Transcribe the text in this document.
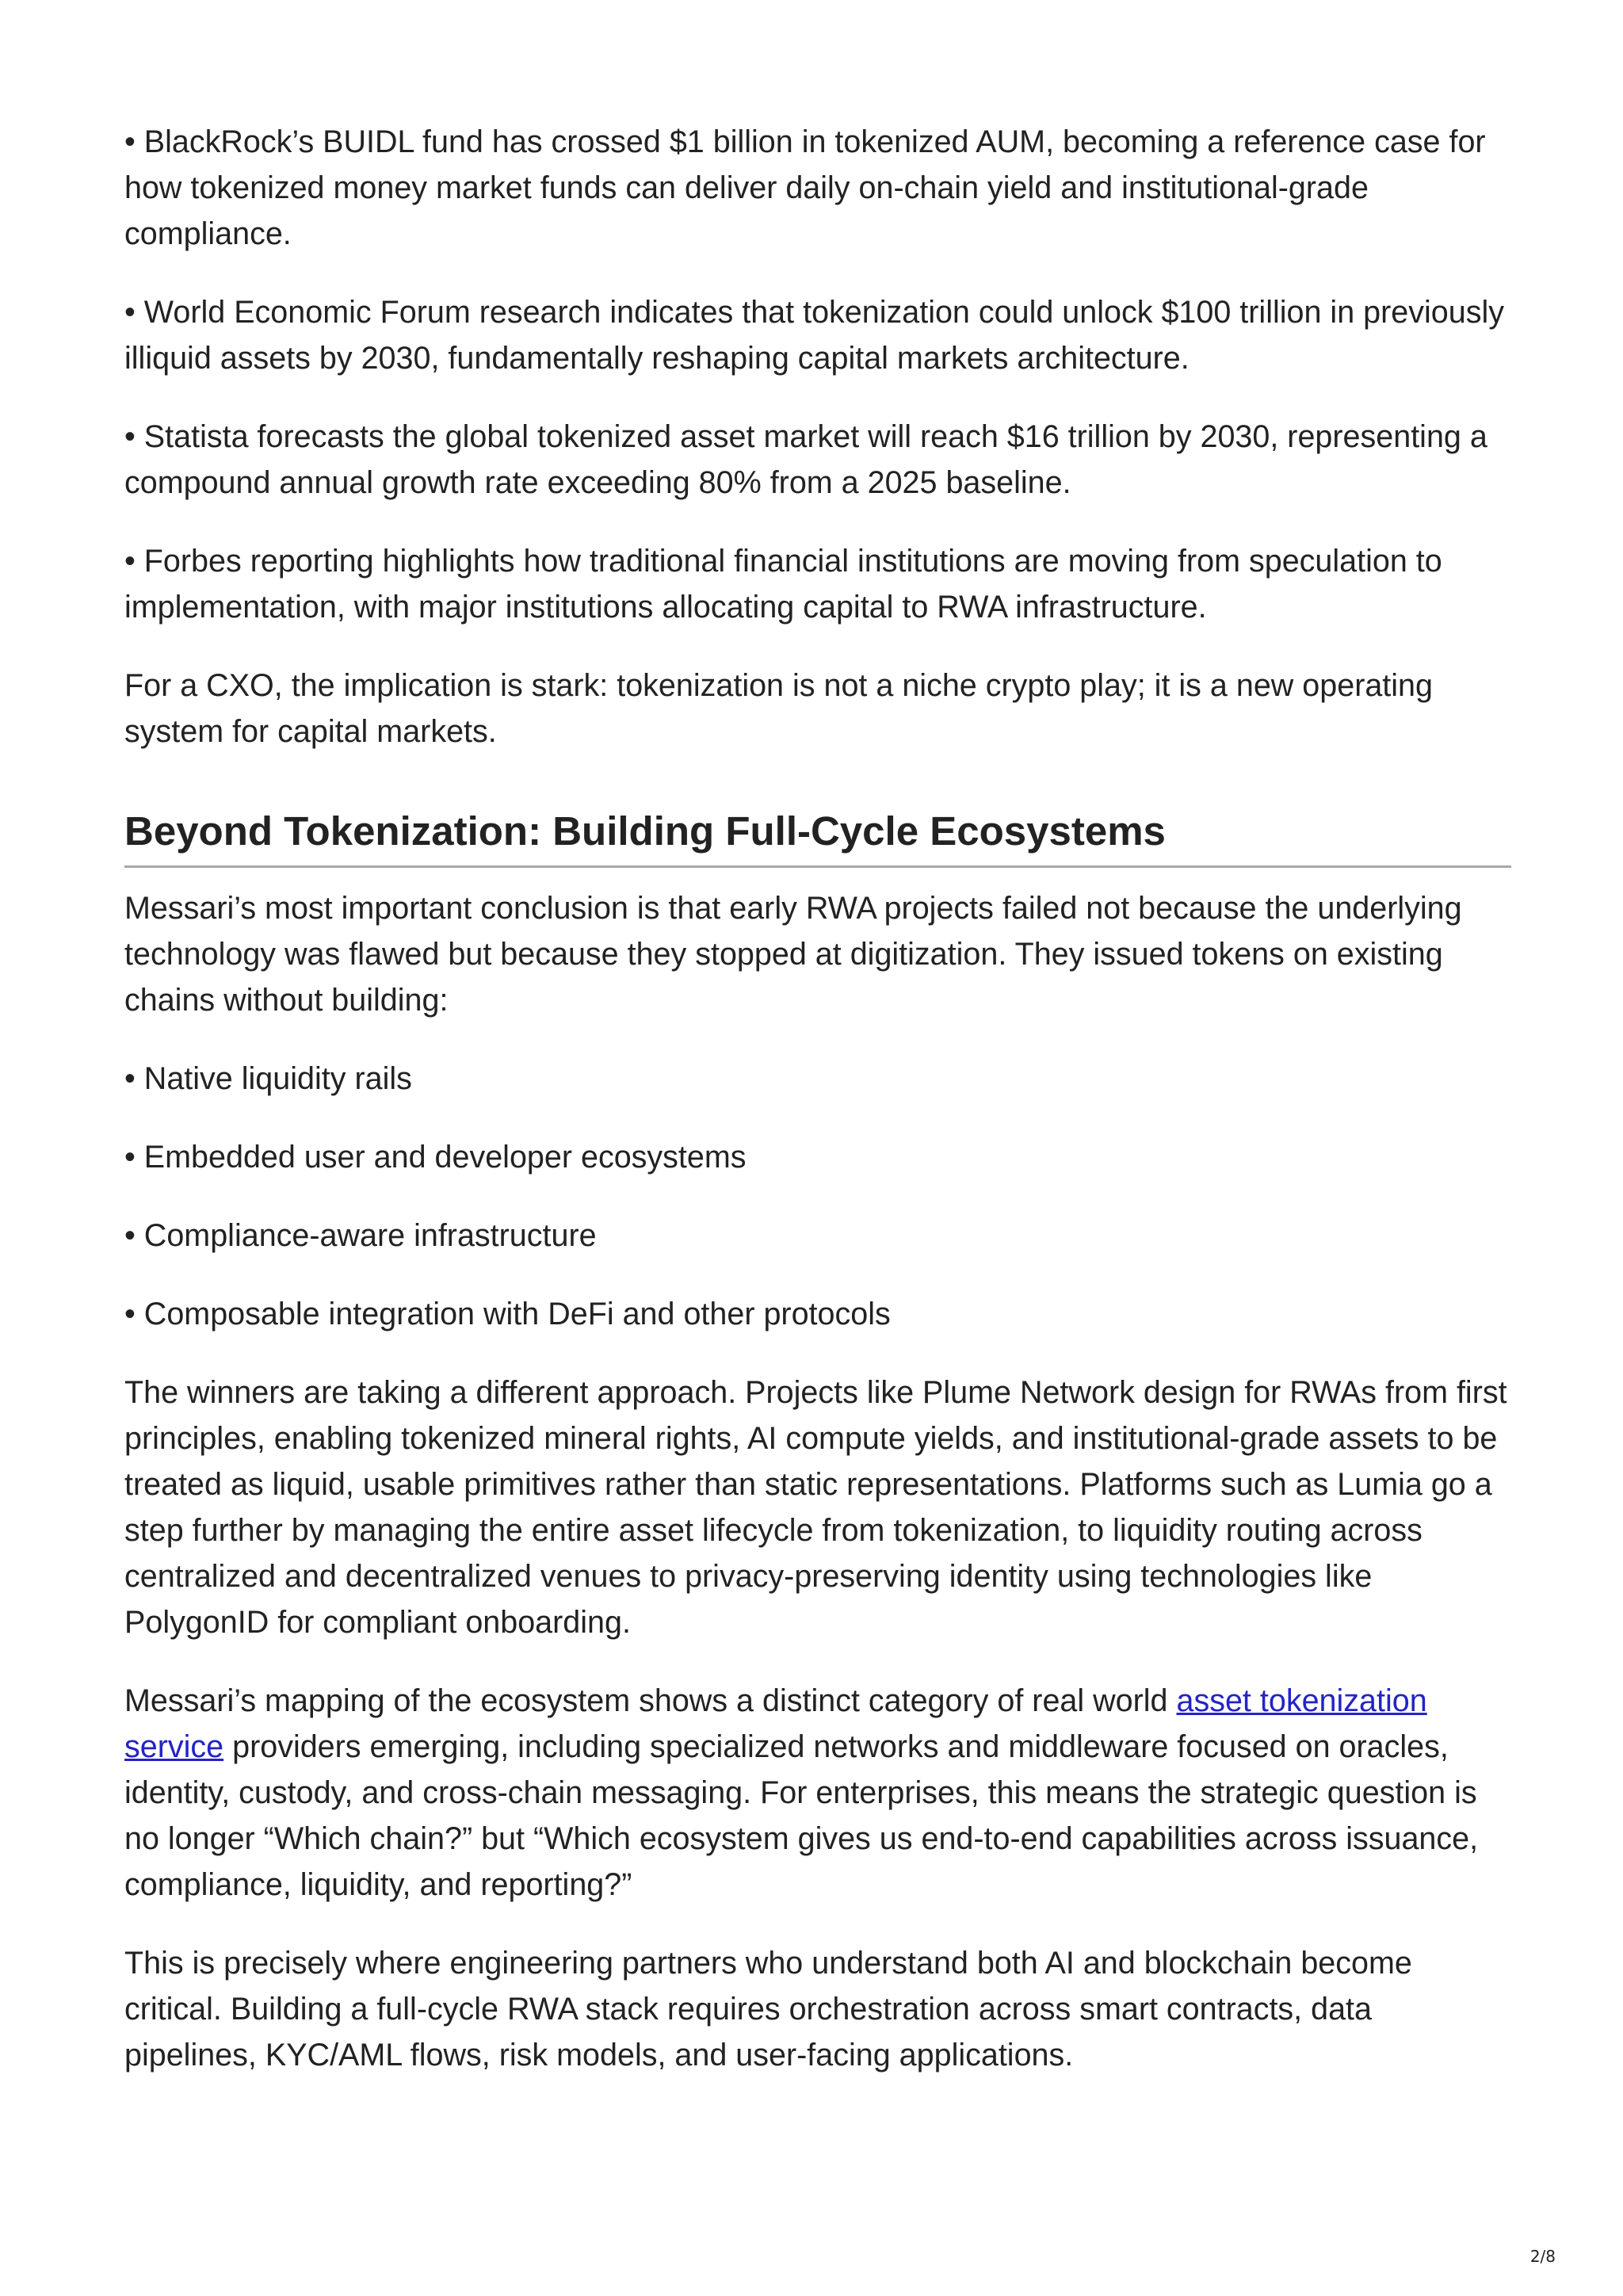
• BlackRock’s BUIDL fund has crossed $1 billion in tokenized AUM, becoming a reference case for how tokenized money market funds can deliver daily on-chain yield and institutional-grade compliance.

• World Economic Forum research indicates that tokenization could unlock $100 trillion in previously illiquid assets by 2030, fundamentally reshaping capital markets architecture.

• Statista forecasts the global tokenized asset market will reach $16 trillion by 2030, representing a compound annual growth rate exceeding 80% from a 2025 baseline.

• Forbes reporting highlights how traditional financial institutions are moving from speculation to implementation, with major institutions allocating capital to RWA infrastructure.

For a CXO, the implication is stark: tokenization is not a niche crypto play; it is a new operating system for capital markets.

Beyond Tokenization: Building Full-Cycle Ecosystems

Messari’s most important conclusion is that early RWA projects failed not because the underlying technology was flawed but because they stopped at digitization. They issued tokens on existing chains without building:

• Native liquidity rails

• Embedded user and developer ecosystems

• Compliance-aware infrastructure

• Composable integration with DeFi and other protocols

The winners are taking a different approach. Projects like Plume Network design for RWAs from first principles, enabling tokenized mineral rights, AI compute yields, and institutional-grade assets to be treated as liquid, usable primitives rather than static representations. Platforms such as Lumia go a step further by managing the entire asset lifecycle from tokenization, to liquidity routing across centralized and decentralized venues to privacy-preserving identity using technologies like PolygonID for compliant onboarding.

Messari’s mapping of the ecosystem shows a distinct category of real world asset tokenization service providers emerging, including specialized networks and middleware focused on oracles, identity, custody, and cross-chain messaging. For enterprises, this means the strategic question is no longer “Which chain?” but “Which ecosystem gives us end-to-end capabilities across issuance, compliance, liquidity, and reporting?”

This is precisely where engineering partners who understand both AI and blockchain become critical. Building a full-cycle RWA stack requires orchestration across smart contracts, data pipelines, KYC/AML flows, risk models, and user-facing applications.

2/8
